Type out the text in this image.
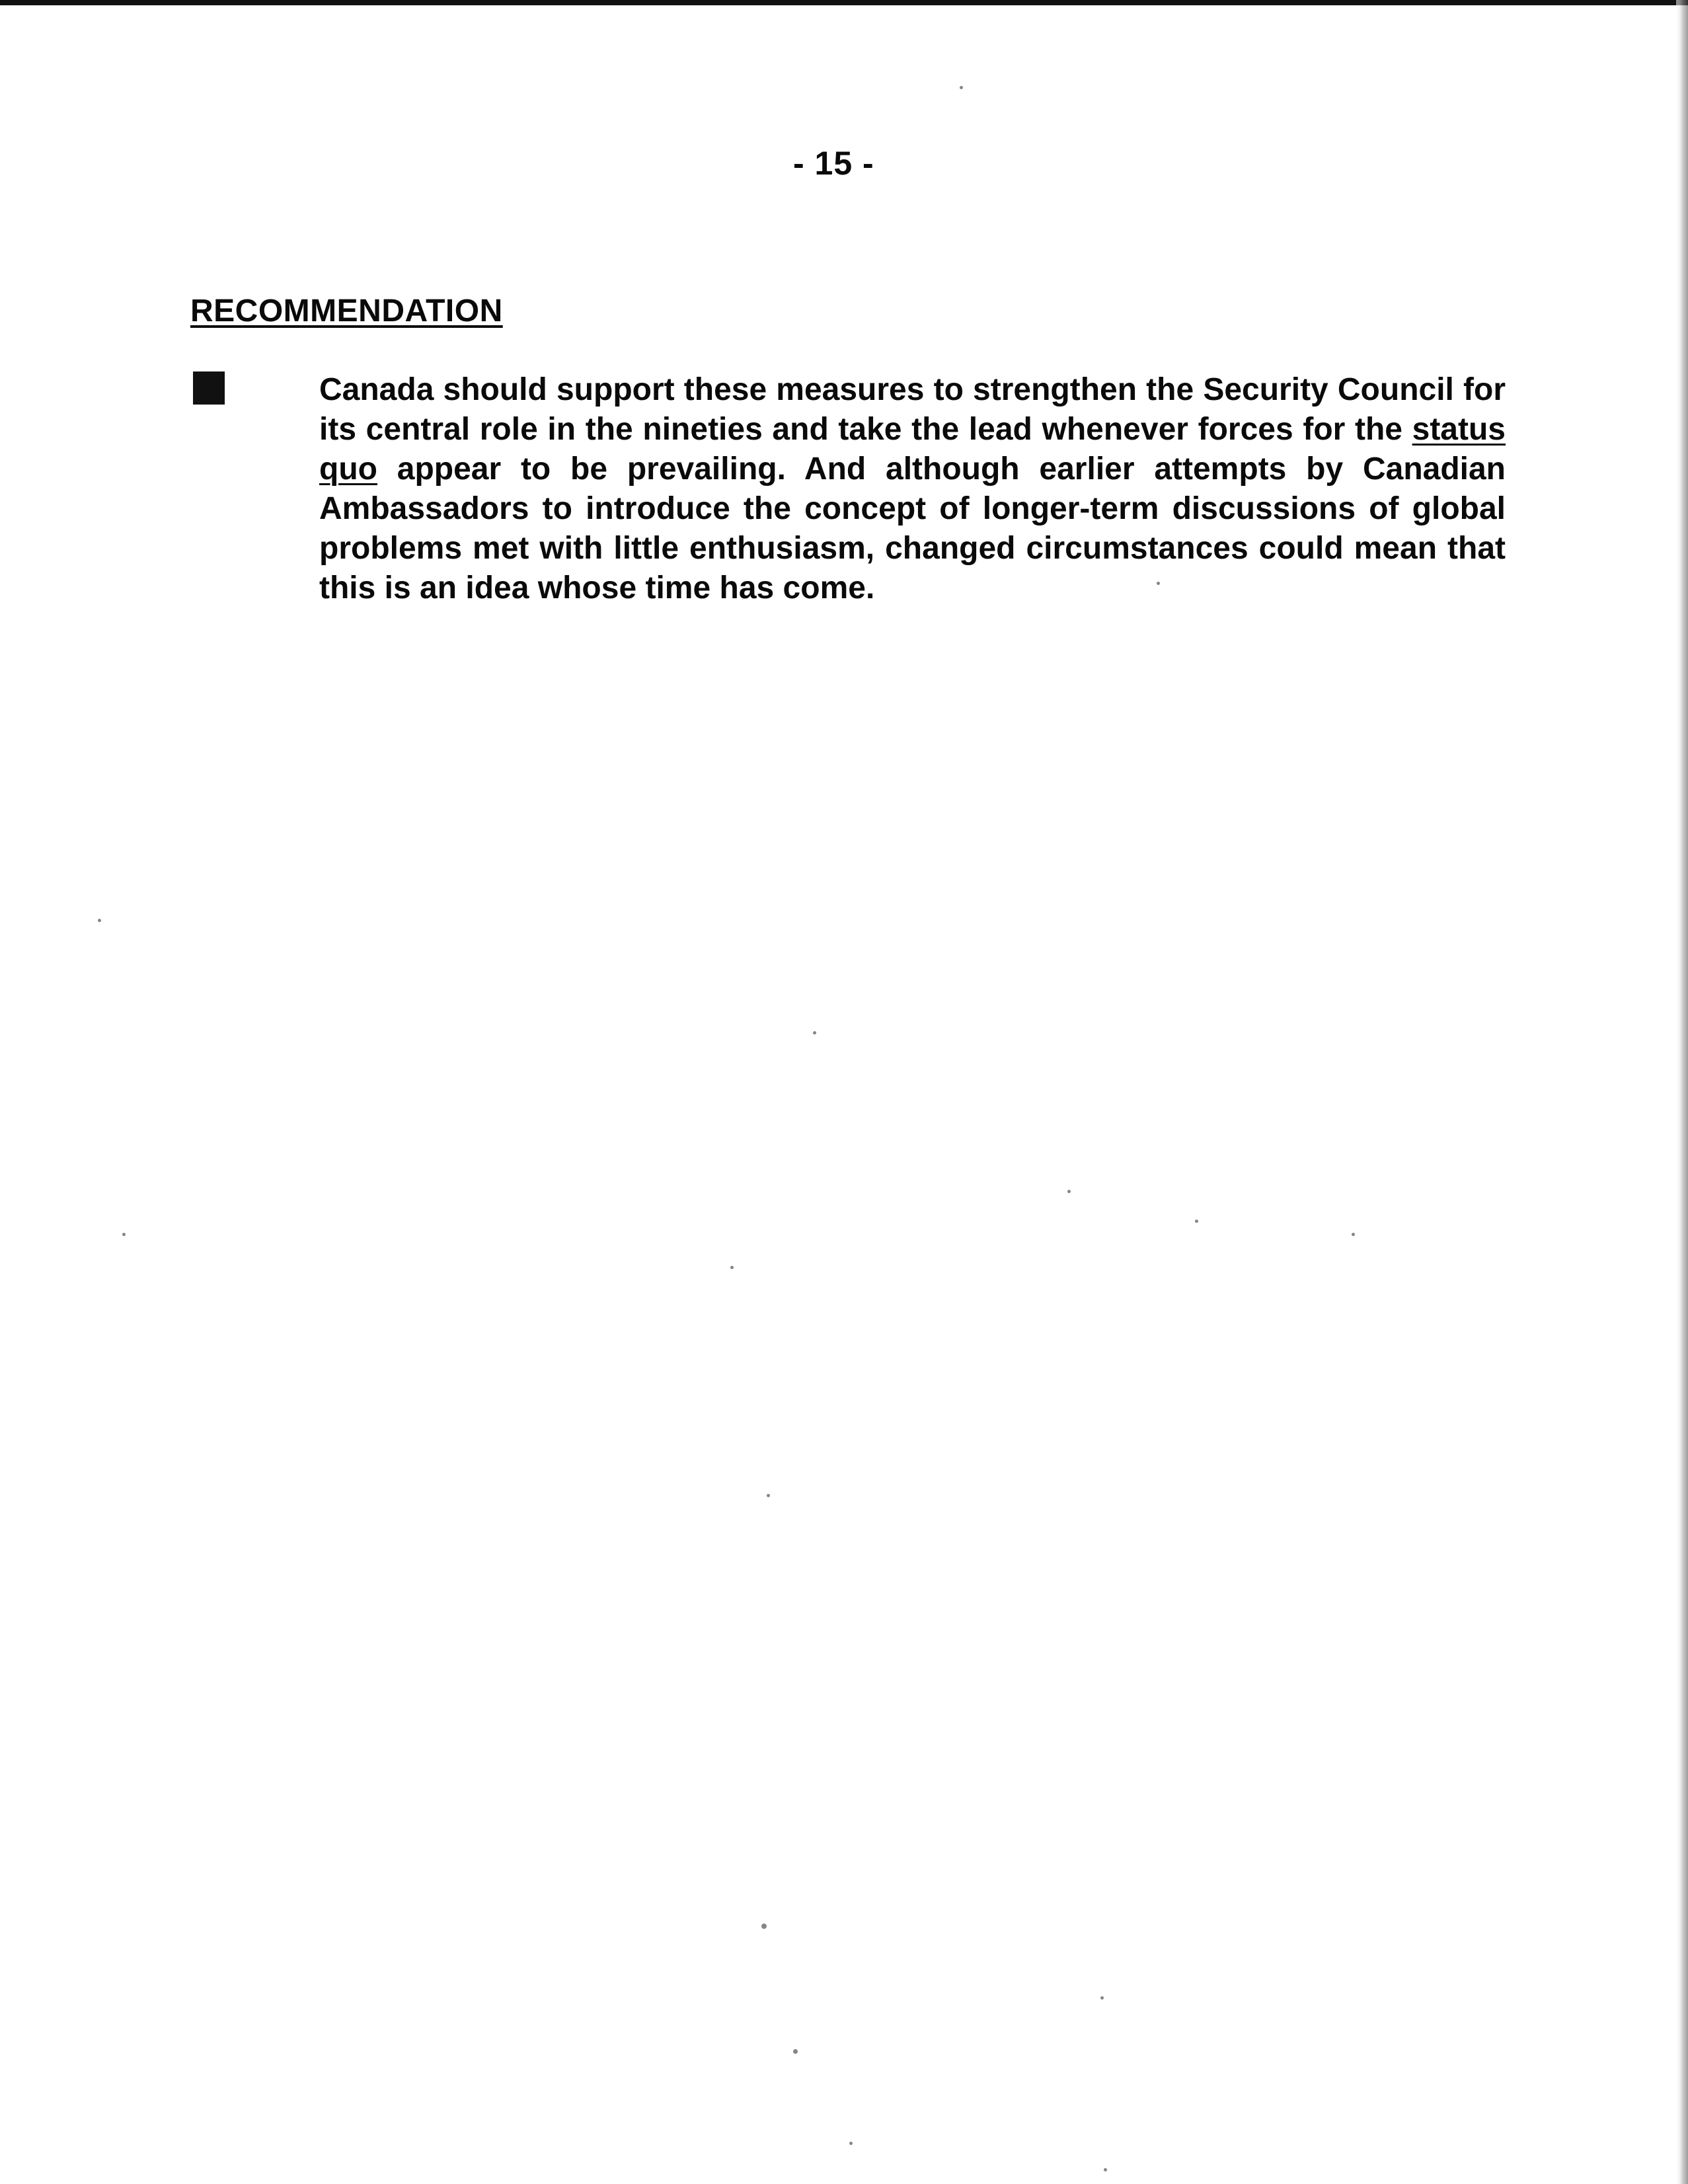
- 15 -
RECOMMENDATION

Canada should support these measures to strengthen the Security Council for its central role in the nineties and take the lead whenever forces for the status quo appear to be prevailing. And although earlier attempts by Canadian Ambassadors to introduce the concept of longer-term discussions of global problems met with little enthusiasm, changed circumstances could mean that this is an idea whose time has come.
